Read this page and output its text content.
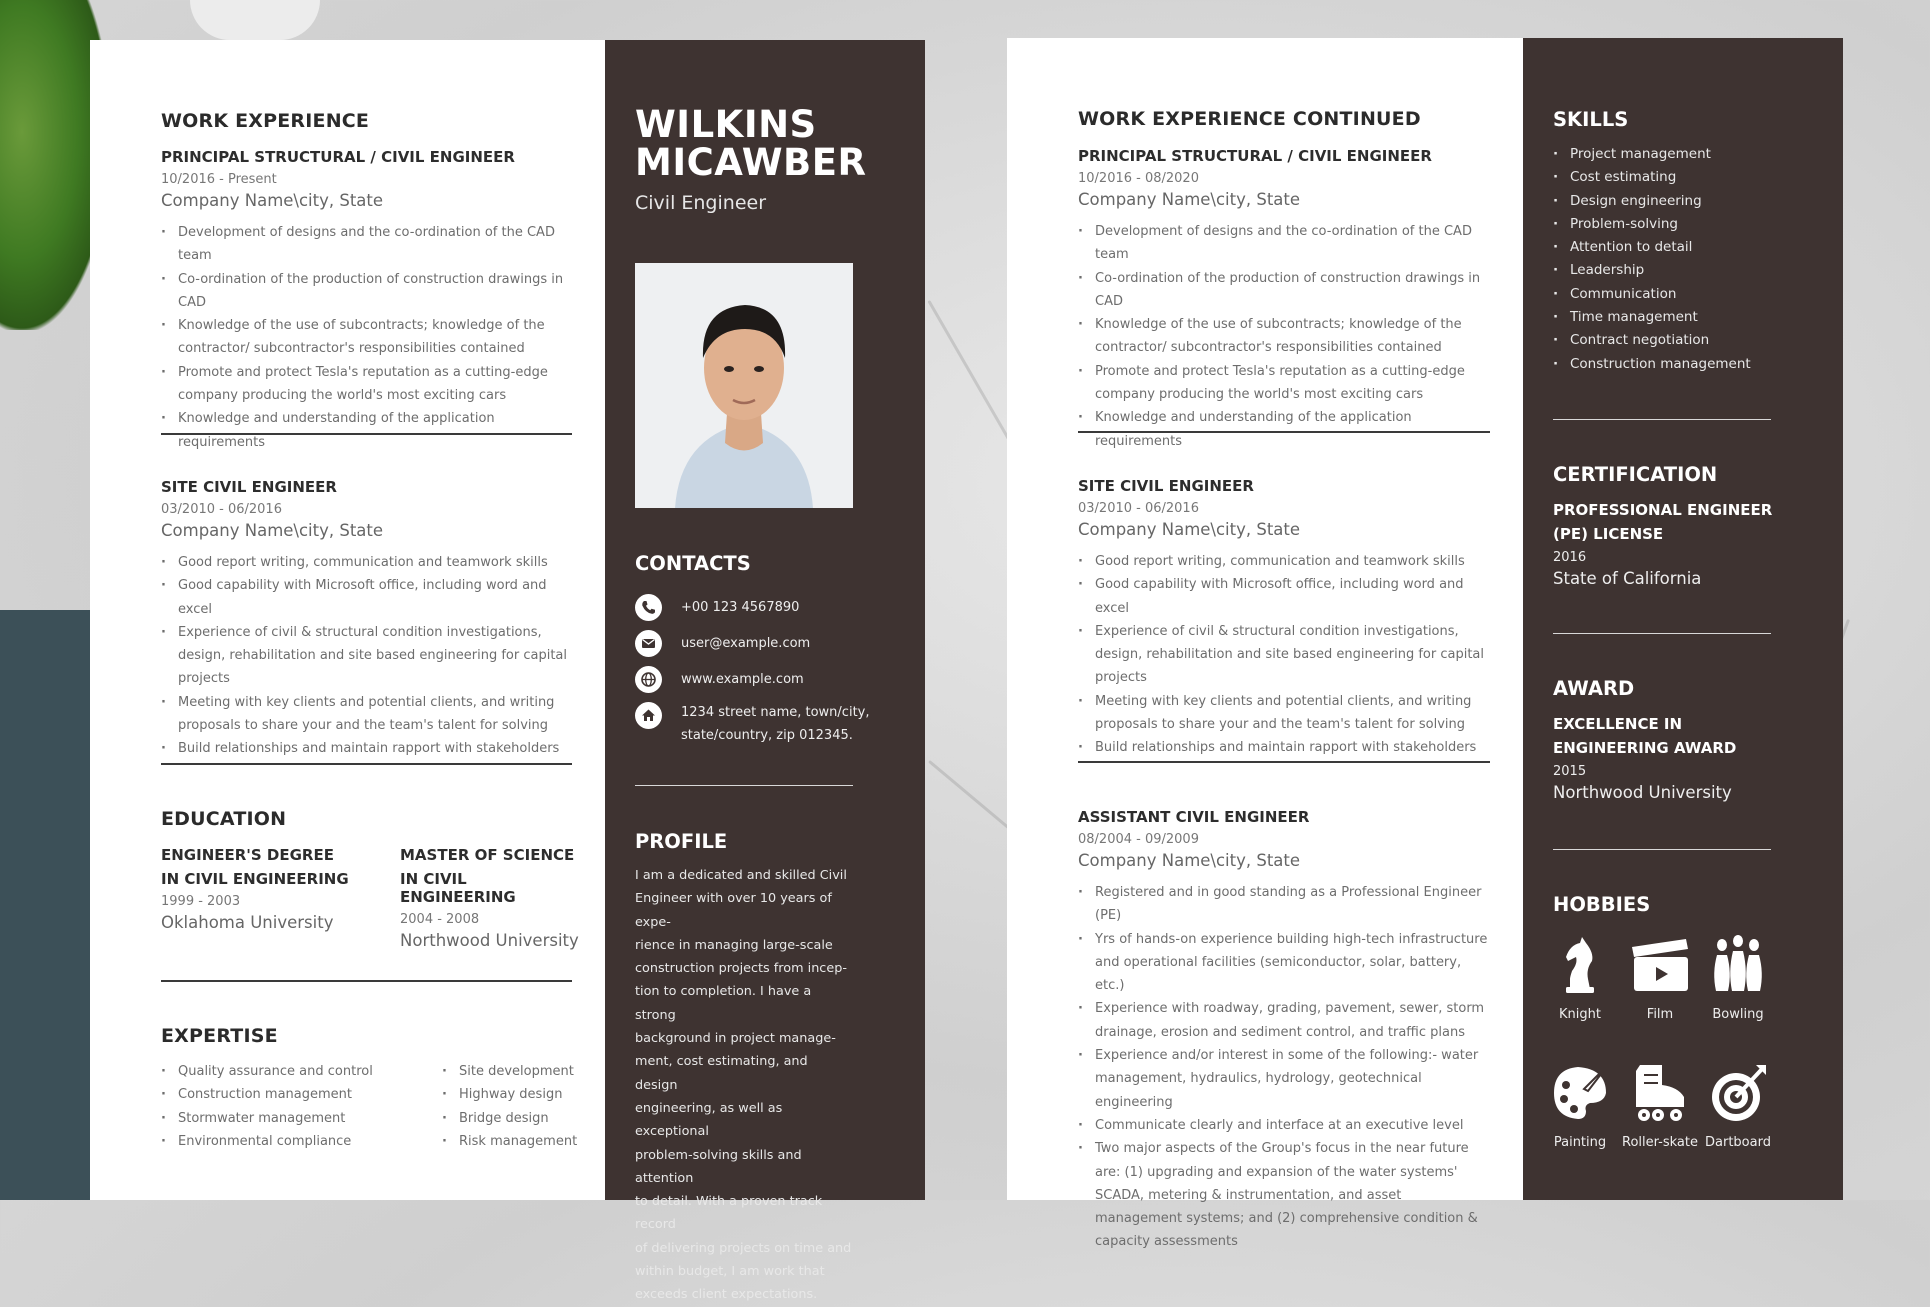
WORK EXPERIENCE
PRINCIPAL STRUCTURAL / CIVIL ENGINEER
10/2016 - Present
Company Name\city, State
· Development of designs and the co-ordination of the CAD team
· Co-ordination of the production of construction drawings in CAD
· Knowledge of the use of subcontracts; knowledge of the contractor/ subcontractor's responsibilities contained
· Promote and protect Tesla's reputation as a cutting-edge company producing the world's most exciting cars
· Knowledge and understanding of the application requirements
SITE CIVIL ENGINEER
03/2010 - 06/2016
Company Name\city, State
· Good report writing, communication and teamwork skills
· Good capability with Microsoft office, including word and excel
· Experience of civil & structural condition investigations, design, rehabilitation and site based engineering for capital projects
· Meeting with key clients and potential clients, and writing proposals to share your and the team's talent for solving
· Build relationships and maintain rapport with stakeholders
EDUCATION
ENGINEER'S DEGREE
IN CIVIL ENGINEERING
1999 - 2003
Oklahoma University
MASTER OF SCIENCE
IN CIVIL ENGINEERING
2004 - 2008
Northwood University
EXPERTISE
· Quality assurance and control
· Construction management
· Stormwater management
· Environmental compliance
· Site development
· Highway design
· Bridge design
· Risk management
WILKINS
MICAWBER
Civil Engineer
CONTACTS
+00 123 4567890
user@example.com
www.example.com
1234 street name, town/city,
state/country, zip 012345.
PROFILE
I am a dedicated and skilled Civil
Engineer with over 10 years of expe-
rience in managing large-scale
construction projects from incep-
tion to completion. I have a strong
background in project manage-
ment, cost estimating, and design
engineering, as well as exceptional
problem-solving skills and attention
to detail. With a proven track record
of delivering projects on time and
within budget, I am work that
exceeds client expectations.
WORK EXPERIENCE CONTINUED
PRINCIPAL STRUCTURAL / CIVIL ENGINEER
10/2016 - 08/2020
Company Name\city, State
· Development of designs and the co-ordination of the CAD team
· Co-ordination of the production of construction drawings in CAD
· Knowledge of the use of subcontracts; knowledge of the contractor/ subcontractor's responsibilities contained
· Promote and protect Tesla's reputation as a cutting-edge company producing the world's most exciting cars
· Knowledge and understanding of the application requirements
SITE CIVIL ENGINEER
03/2010 - 06/2016
Company Name\city, State
· Good report writing, communication and teamwork skills
· Good capability with Microsoft office, including word and excel
· Experience of civil & structural condition investigations, design, rehabilitation and site based engineering for capital projects
· Meeting with key clients and potential clients, and writing proposals to share your and the team's talent for solving
· Build relationships and maintain rapport with stakeholders
ASSISTANT CIVIL ENGINEER
08/2004 - 09/2009
Company Name\city, State
· Registered and in good standing as a Professional Engineer (PE)
· Yrs of hands-on experience building high-tech infrastructure and operational facilities (semiconductor, solar, battery, etc.)
· Experience with roadway, grading, pavement, sewer, storm drainage, erosion and sediment control, and traffic plans
· Experience and/or interest in some of the following:- water management, hydraulics, hydrology, geotechnical engineering
· Communicate clearly and interface at an executive level
· Two major aspects of the Group's focus in the near future are: (1) upgrading and expansion of the water systems' SCADA, metering & instrumentation, and asset management systems; and (2) comprehensive condition & capacity assessments
SKILLS
· Project management
· Cost estimating
· Design engineering
· Problem-solving
· Attention to detail
· Leadership
· Communication
· Time management
· Contract negotiation
· Construction management
CERTIFICATION
PROFESSIONAL ENGINEER
(PE) LICENSE
2016
State of California
AWARD
EXCELLENCE IN
ENGINEERING AWARD
2015
Northwood University
HOBBIES
Knight	Film	Bowling
Painting	Roller-skate Dartboard
